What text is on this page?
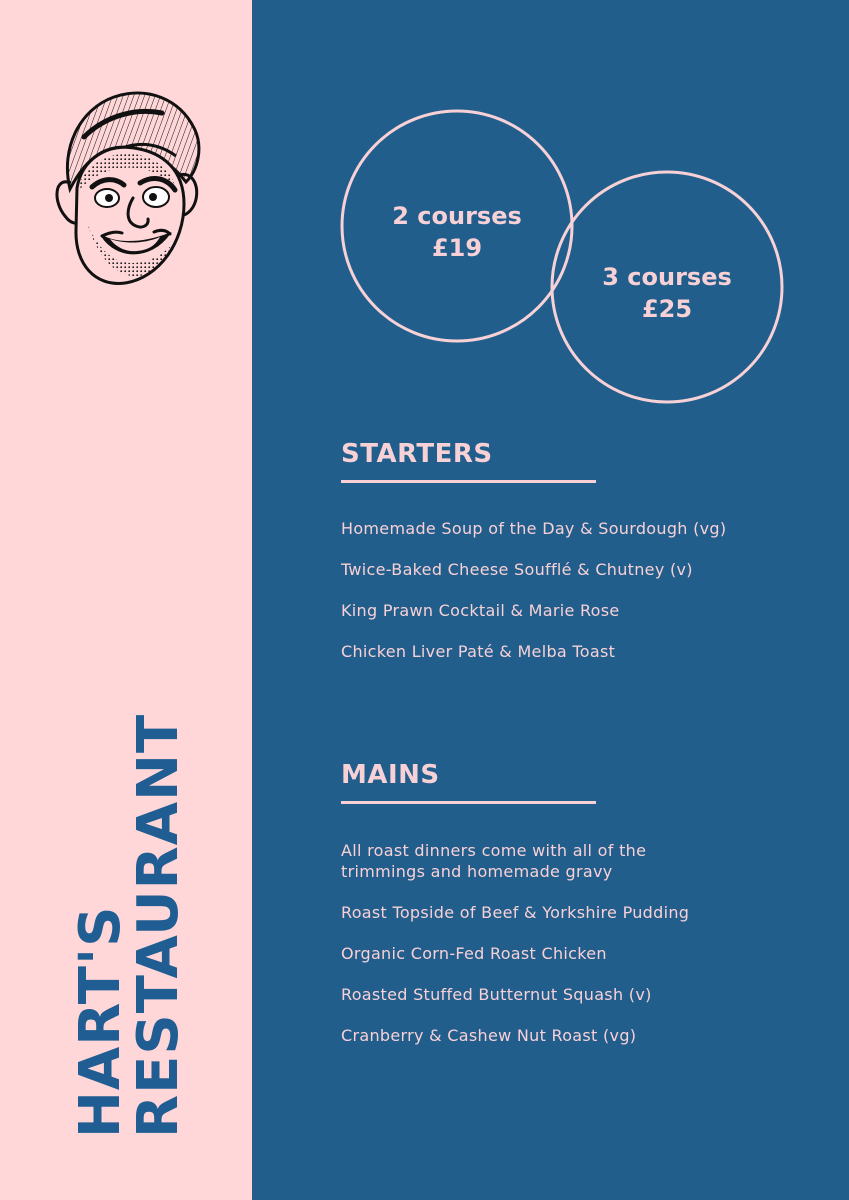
HART'S
RESTAURANT
2 courses
£19
3 courses
£25
STARTERS
Homemade Soup of the Day & Sourdough (vg)
Twice-Baked Cheese Soufflé & Chutney (v)
King Prawn Cocktail & Marie Rose
Chicken Liver Paté & Melba Toast
MAINS
All roast dinners come with all of the trimmings and homemade gravy
Roast Topside of Beef & Yorkshire Pudding
Organic Corn-Fed Roast Chicken
Roasted Stuffed Butternut Squash (v)
Cranberry & Cashew Nut Roast (vg)
